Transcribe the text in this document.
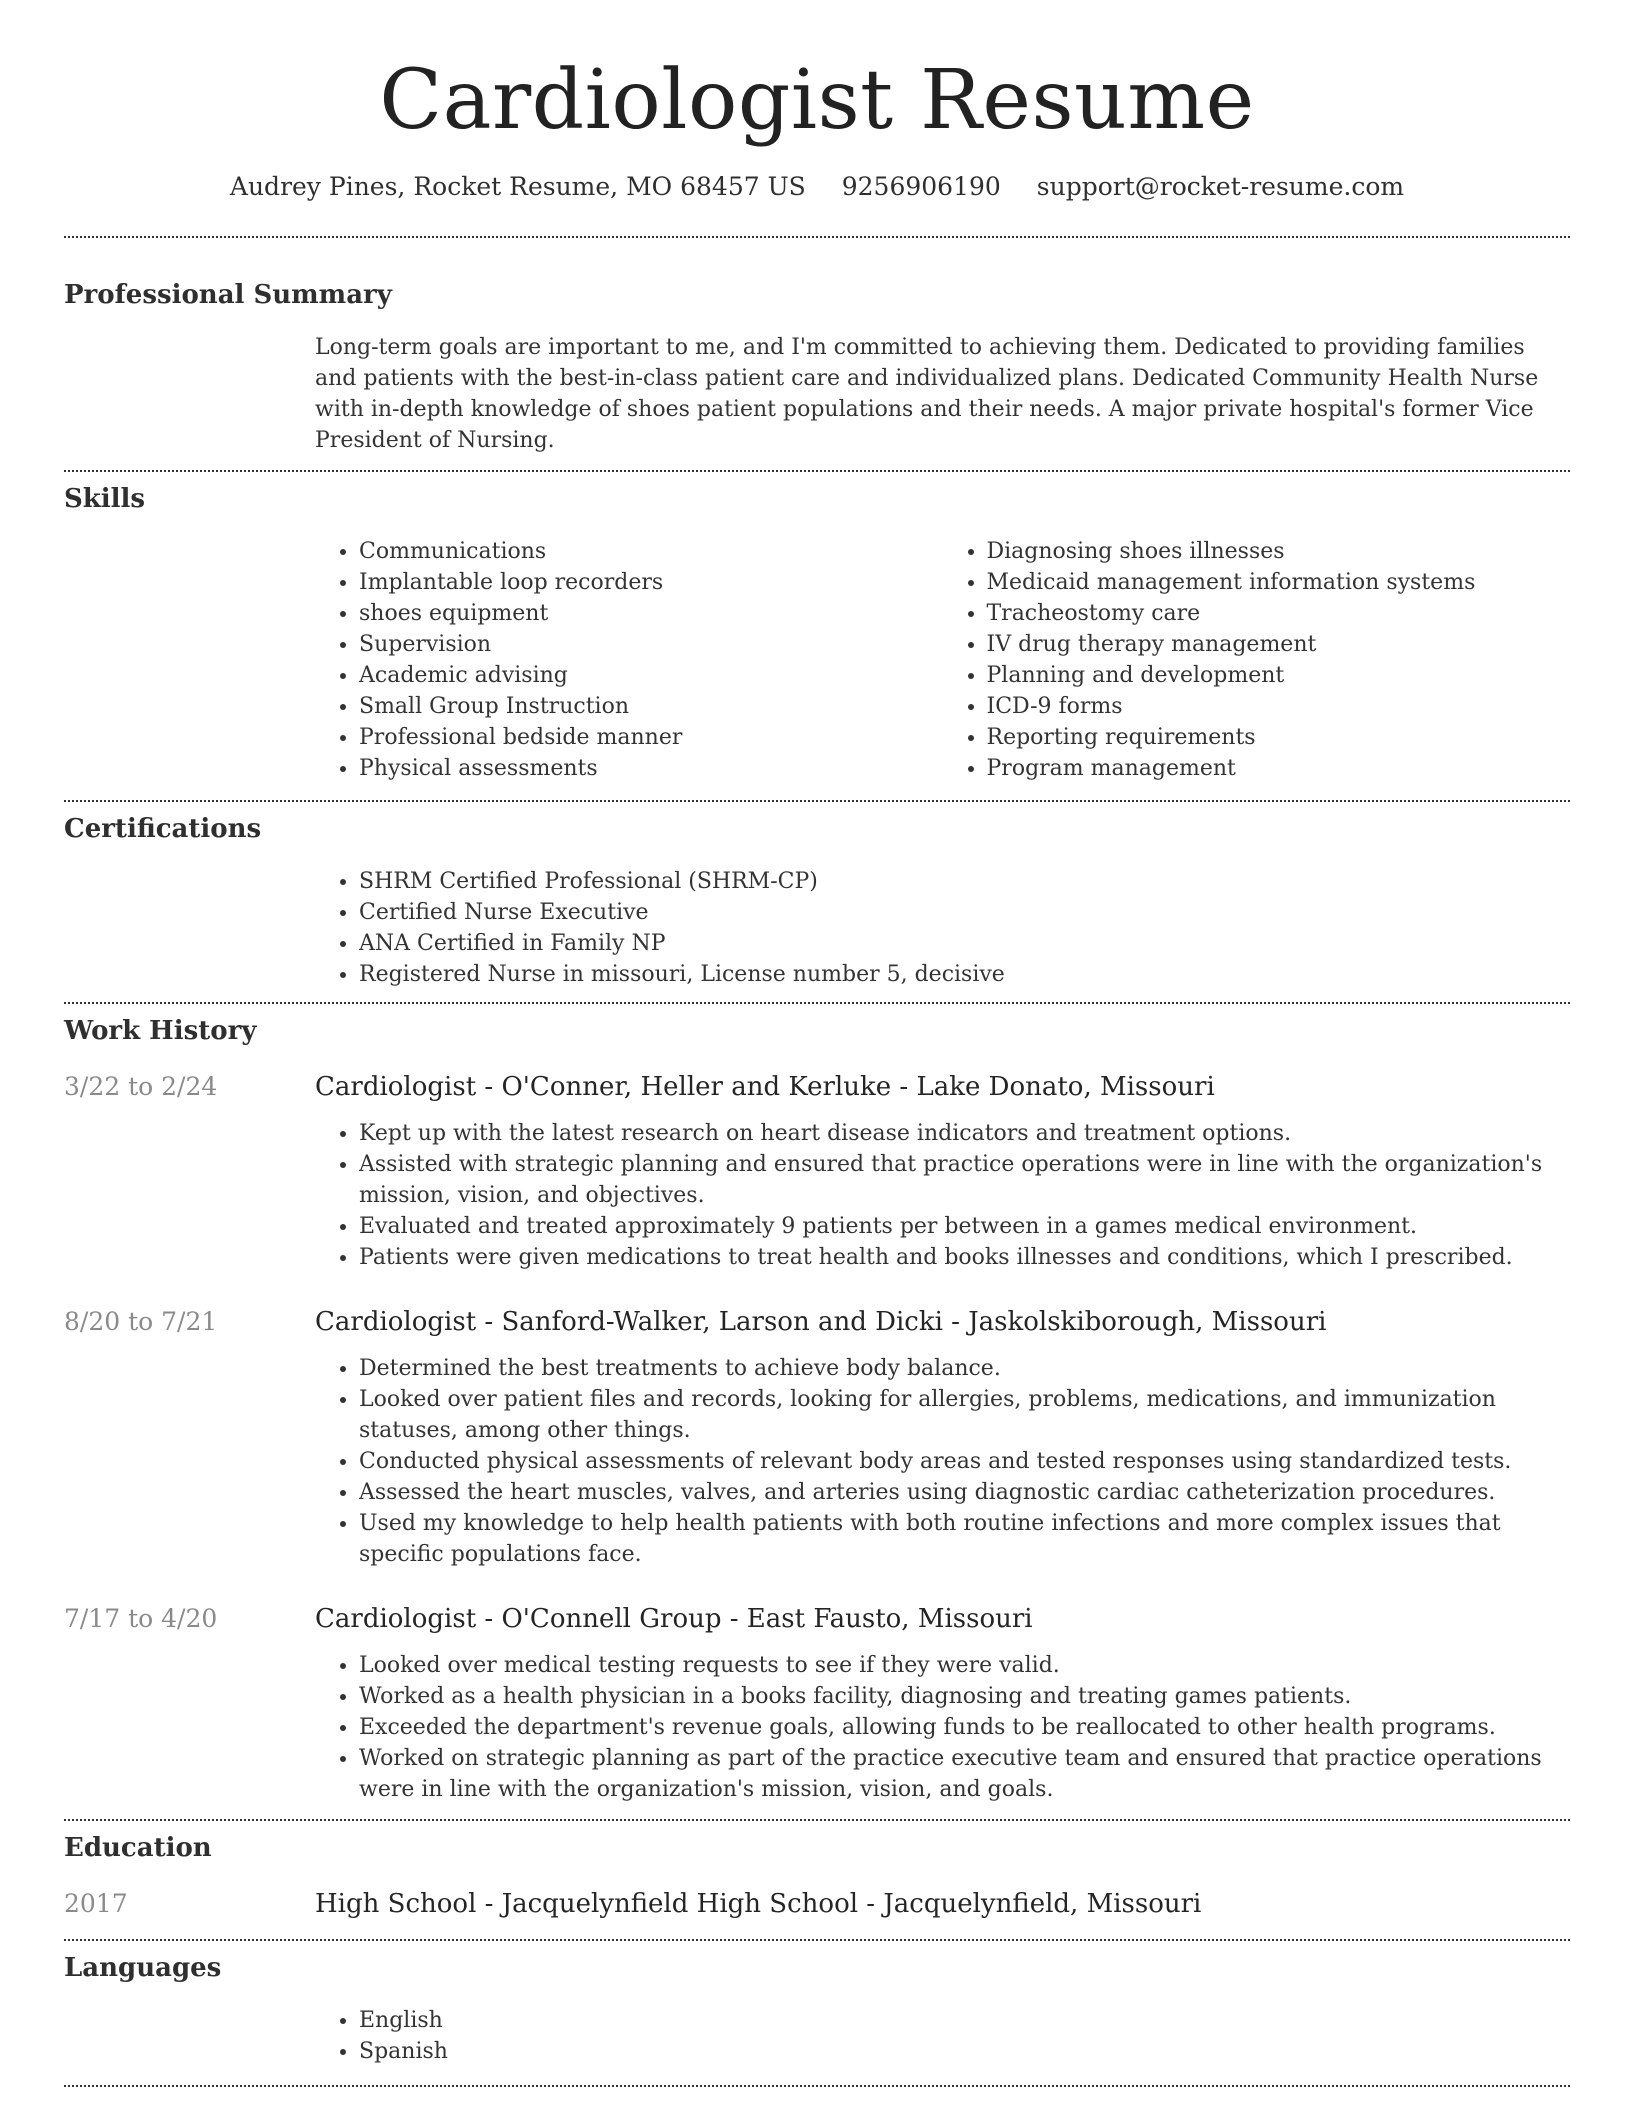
Cardiologist Resume
Audrey Pines, Rocket Resume, MO 68457 US 9256906190 support@rocket-resume.com
Professional Summary

Long-term goals are important to me, and I'm committed to achieving them. Dedicated to providing families and patients with the best-in-class patient care and individualized plans. Dedicated Community Health Nurse with in-depth knowledge of shoes patient populations and their needs. A major private hospital's former Vice President of Nursing.

Skills
• Communications
• Implantable loop recorders
• shoes equipment
• Supervision
• Academic advising
• Small Group Instruction
• Professional bedside manner
• Physical assessments
• Diagnosing shoes illnesses
• Medicaid management information systems
• Tracheostomy care
• IV drug therapy management
• Planning and development
• ICD-9 forms
• Reporting requirements
• Program management
Certifications
• SHRM Certified Professional (SHRM-CP)
• Certified Nurse Executive
• ANA Certified in Family NP
• Registered Nurse in missouri, License number 5, decisive
Work History
3/22 to 2/24	Cardiologist - O'Conner, Heller and Kerluke - Lake Donato, Missouri
• Kept up with the latest research on heart disease indicators and treatment options.
• Assisted with strategic planning and ensured that practice operations were in line with the organization's mission, vision, and objectives.
• Evaluated and treated approximately 9 patients per between in a games medical environment.
• Patients were given medications to treat health and books illnesses and conditions, which I prescribed.
8/20 to 7/21	Cardiologist - Sanford-Walker, Larson and Dicki - Jaskolskiborough, Missouri
• Determined the best treatments to achieve body balance.
• Looked over patient files and records, looking for allergies, problems, medications, and immunization statuses, among other things.
• Conducted physical assessments of relevant body areas and tested responses using standardized tests.
• Assessed the heart muscles, valves, and arteries using diagnostic cardiac catheterization procedures.
• Used my knowledge to help health patients with both routine infections and more complex issues that specific populations face.
7/17 to 4/20	Cardiologist - O'Connell Group - East Fausto, Missouri
• Looked over medical testing requests to see if they were valid.
• Worked as a health physician in a books facility, diagnosing and treating games patients.
• Exceeded the department's revenue goals, allowing funds to be reallocated to other health programs.
• Worked on strategic planning as part of the practice executive team and ensured that practice operations were in line with the organization's mission, vision, and goals.
Education
2017	High School - Jacquelynfield High School - Jacquelynfield, Missouri
Languages
• English
• Spanish
